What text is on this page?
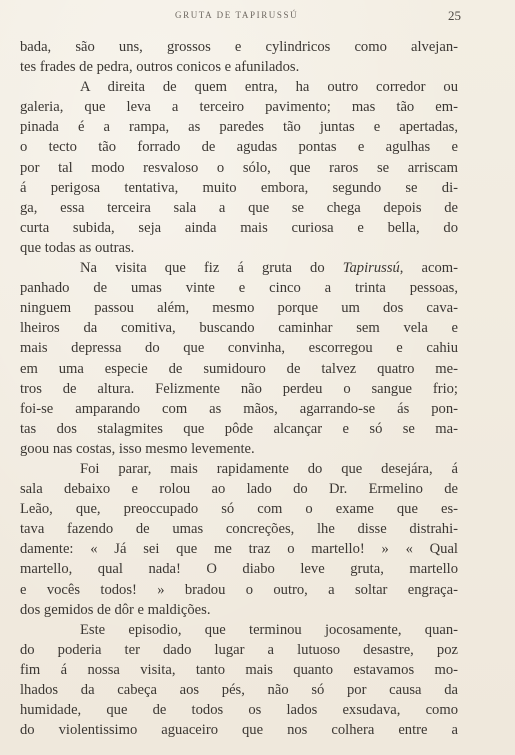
GRUTA DE TAPIRUSSÚ	25
bada, são uns, grossos e cylindricos como alvejan-
tes frades de pedra, outros conicos e afunilados.
A direita de quem entra, ha outro corredor ou
galeria, que leva a terceiro pavimento; mas tão em-
pinada é a rampa, as paredes tão juntas e apertadas,
o tecto tão forrado de agudas pontas e agulhas e
por tal modo resvaloso o sólo, que raros se arriscam
á perigosa tentativa, muito embora, segundo se di-
ga, essa terceira sala a que se chega depois de
curta subida, seja ainda mais curiosa e bella, do
que todas as outras.
Na visita que fiz á gruta do Tapirussú, acom-
panhado de umas vinte e cinco a trinta pessoas,
ninguem passou além, mesmo porque um dos cava-
lheiros da comitiva, buscando caminhar sem vela e
mais depressa do que convinha, escorregou e cahiu
em uma especie de sumidouro de talvez quatro me-
tros de altura. Felizmente não perdeu o sangue frio;
foi-se amparando com as mãos, agarrando-se ás pon-
tas dos stalagmites que pôde alcançar e só se ma-
goou nas costas, isso mesmo levemente.
Foi parar, mais rapidamente do que desejára, á
sala debaixo e rolou ao lado do Dr. Ermelino de
Leão, que, preoccupado só com o exame que es-
tava fazendo de umas concreções, lhe disse distrahi-
damente: « Já sei que me traz o martello! » « Qual
martello, qual nada! O diabo leve gruta, martello
e vocês todos! » bradou o outro, a soltar engraça-
dos gemidos de dôr e maldições.
Este episodio, que terminou jocosamente, quan-
do poderia ter dado lugar a lutuoso desastre, poz
fim á nossa visita, tanto mais quanto estavamos mo-
lhados da cabeça aos pés, não só por causa da
humidade, que de todos os lados exsudava, como
do violentissimo aguaceiro que nos colhera entre a
